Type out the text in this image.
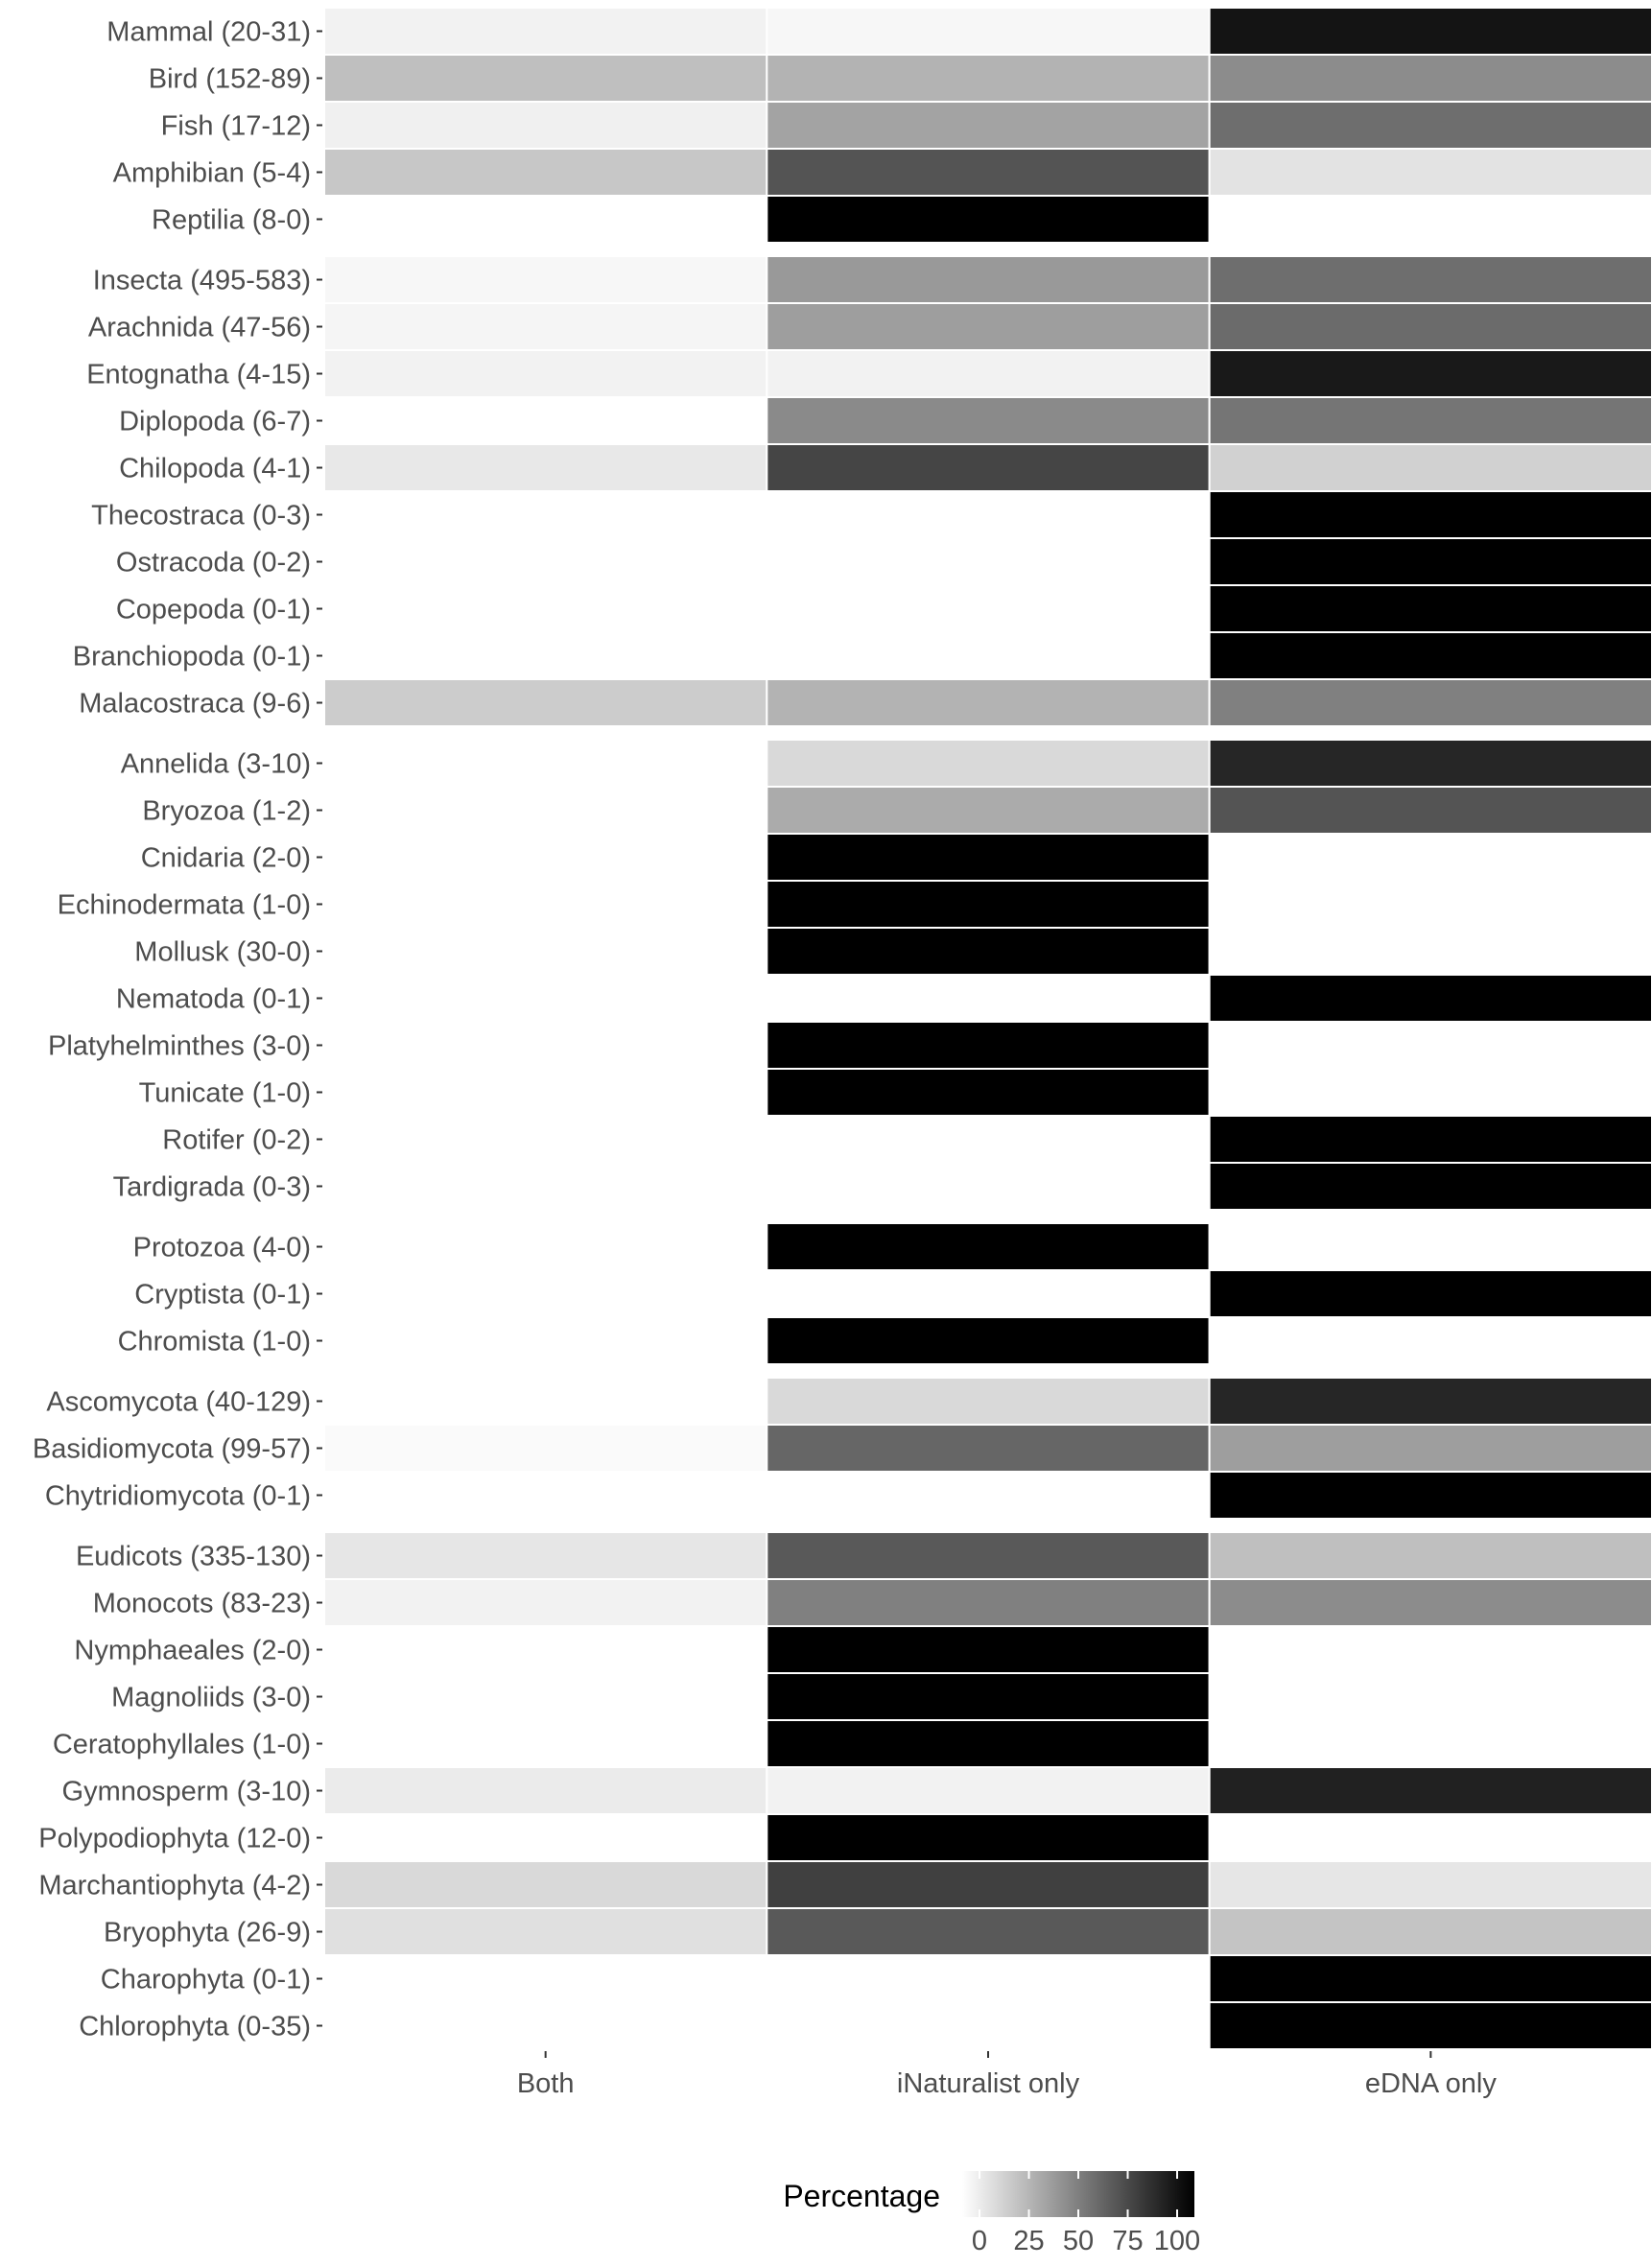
Mammal (20-31)
Bird (152-89)
Fish (17-12)
Amphibian (5-4)
Reptilia (8-0)
Insecta (495-583)
Arachnida (47-56)
Entognatha (4-15)
Diplopoda (6-7)
Chilopoda (4-1)
Thecostraca (0-3)
Ostracoda (0-2)
Copepoda (0-1)
Branchiopoda (0-1)
Malacostraca (9-6)
Annelida (3-10)
Bryozoa (1-2)
Cnidaria (2-0)
Echinodermata (1-0)
Mollusk (30-0)
Nematoda (0-1)
Platyhelminthes (3-0)
Tunicate (1-0)
Rotifer (0-2)
Tardigrada (0-3)
Protozoa (4-0)
Cryptista (0-1)
Chromista (1-0)
Ascomycota (40-129)
Basidiomycota (99-57)
Chytridiomycota (0-1)
Eudicots (335-130)
Monocots (83-23)
Nymphaeales (2-0)
Magnoliids (3-0)
Ceratophyllales (1-0)
Gymnosperm (3-10)
Polypodiophyta (12-0)
Marchantiophyta (4-2)
Bryophyta (26-9)
Charophyta (0-1)
Chlorophyta (0-35)
Both	iNaturalist only	eDNA only
Percentage
0 25 50 75 100
